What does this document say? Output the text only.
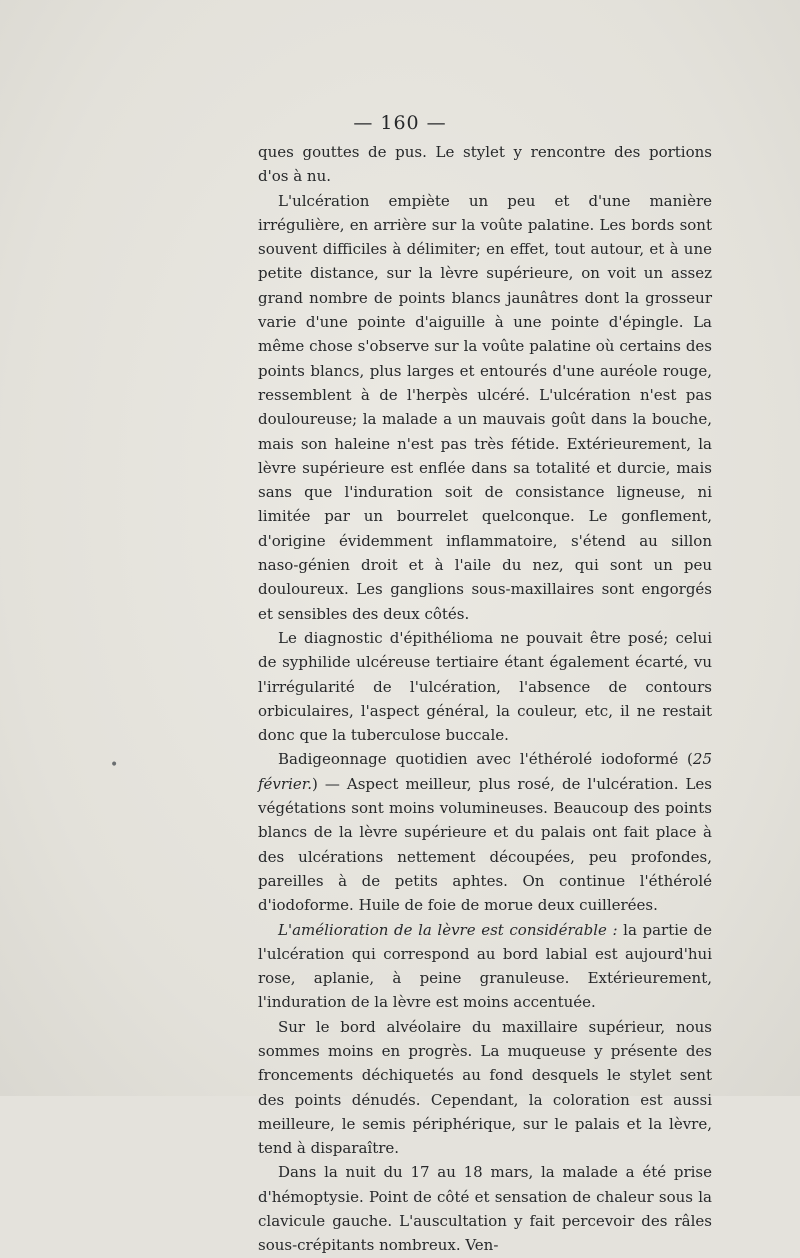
— 160 —

ques gouttes de pus. Le stylet y rencontre des portions d'os à nu.

L'ulcération empiète un peu et d'une manière irrégulière, en arrière sur la voûte palatine. Les bords sont souvent difficiles à délimiter; en effet, tout autour, et à une petite distance, sur la lèvre supérieure, on voit un assez grand nombre de points blancs jaunâtres dont la grosseur varie d'une pointe d'aiguille à une pointe d'épingle. La même chose s'observe sur la voûte palatine où certains des points blancs, plus larges et entourés d'une auréole rouge, ressemblent à de l'herpès ulcéré. L'ulcération n'est pas douloureuse; la malade a un mauvais goût dans la bouche, mais son haleine n'est pas très fétide. Extérieurement, la lèvre supérieure est enflée dans sa totalité et durcie, mais sans que l'induration soit de consistance ligneuse, ni limitée par un bourrelet quelconque. Le gonflement, d'origine évidemment inflammatoire, s'étend au sillon naso-génien droit et à l'aile du nez, qui sont un peu douloureux. Les ganglions sous-maxillaires sont engorgés et sensibles des deux côtés.

Le diagnostic d'épithélioma ne pouvait être posé; celui de syphilide ulcéreuse tertiaire étant également écarté, vu l'irrégularité de l'ulcération, l'absence de contours orbiculaires, l'aspect général, la couleur, etc, il ne restait donc que la tuberculose buccale.

Badigeonnage quotidien avec l'éthérolé iodoformé (25 février.) — Aspect meilleur, plus rosé, de l'ulcération. Les végétations sont moins volumineuses. Beaucoup des points blancs de la lèvre supérieure et du palais ont fait place à des ulcérations nettement découpées, peu profondes, pareilles à de petits aphtes. On continue l'éthérolé d'iodoforme. Huile de foie de morue deux cuillerées.

L'amélioration de la lèvre est considérable : la partie de l'ulcération qui correspond au bord labial est aujourd'hui rose, aplanie, à peine granuleuse. Extérieurement, l'induration de la lèvre est moins accentuée.

Sur le bord alvéolaire du maxillaire supérieur, nous sommes moins en progrès. La muqueuse y présente des froncements déchiquetés au fond desquels le stylet sent des points dénudés. Cependant, la coloration est aussi meilleure, le semis périphérique, sur le palais et la lèvre, tend à disparaître.

Dans la nuit du 17 au 18 mars, la malade a été prise d'hémoptysie. Point de côté et sensation de chaleur sous la clavicule gauche. L'auscultation y fait percevoir des râles sous-crépitants nombreux. Ven-

•
